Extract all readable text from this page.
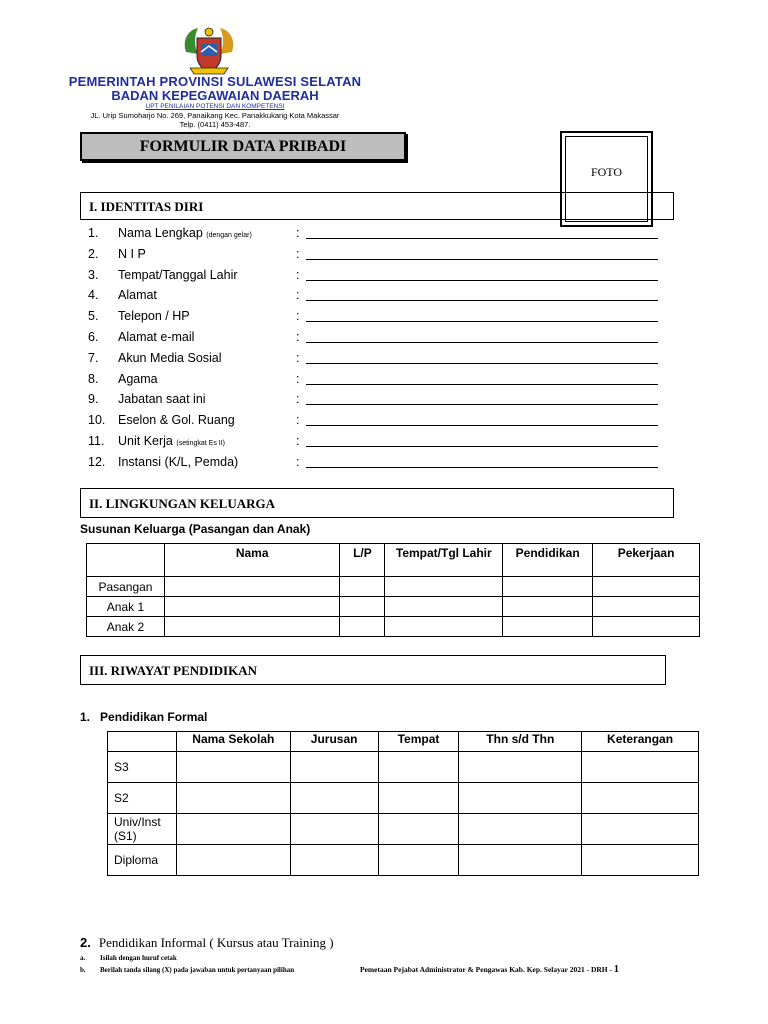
PEMERINTAH PROVINSI SULAWESI SELATAN
BADAN KEPEGAWAIAN DAERAH
UPT PENILAIAN POTENSI DAN KOMPETENSI
JL. Urip Sumoharjo No. 269, Panaikang Kec. Panakkukang Kota Makassar
Telp. (0411) 453-487.
FORMULIR DATA PRIBADI
FOTO
I. IDENTITAS DIRI
1.	Nama Lengkap (dengan gelar)	:
2.	N I P	:
3.	Tempat/Tanggal Lahir	:
4.	Alamat	:
5.	Telepon / HP	:
6.	Alamat e-mail	:
7.	Akun Media Sosial	:
8.	Agama	:
9.	Jabatan saat ini	:
10.	Eselon & Gol. Ruang	:
11.	Unit Kerja (setingkat Es II)	:
12.	Instansi (K/L, Pemda)	:
II. LINGKUNGAN KELUARGA
Susunan Keluarga (Pasangan dan Anak)
	Nama	L/P	Tempat/Tgl Lahir	Pendidikan	Pekerjaan
Pasangan					
Anak 1					
Anak 2					
III. RIWAYAT PENDIDIKAN
1.   Pendidikan Formal
	Nama Sekolah	Jurusan	Tempat	Thn s/d Thn	Keterangan
S3					
S2					
Univ/Inst (S1)					
Diploma					
2. Pendidikan Informal ( Kursus atau Training )
a. Isilah dengan huruf cetak
b. Berilah tanda silang (X) pada jawaban untuk pertanyaan pilihan	Pemetaan Pejabat Administrator & Pengawas Kab. Kep. Selayar 2021 - DRH - 1
